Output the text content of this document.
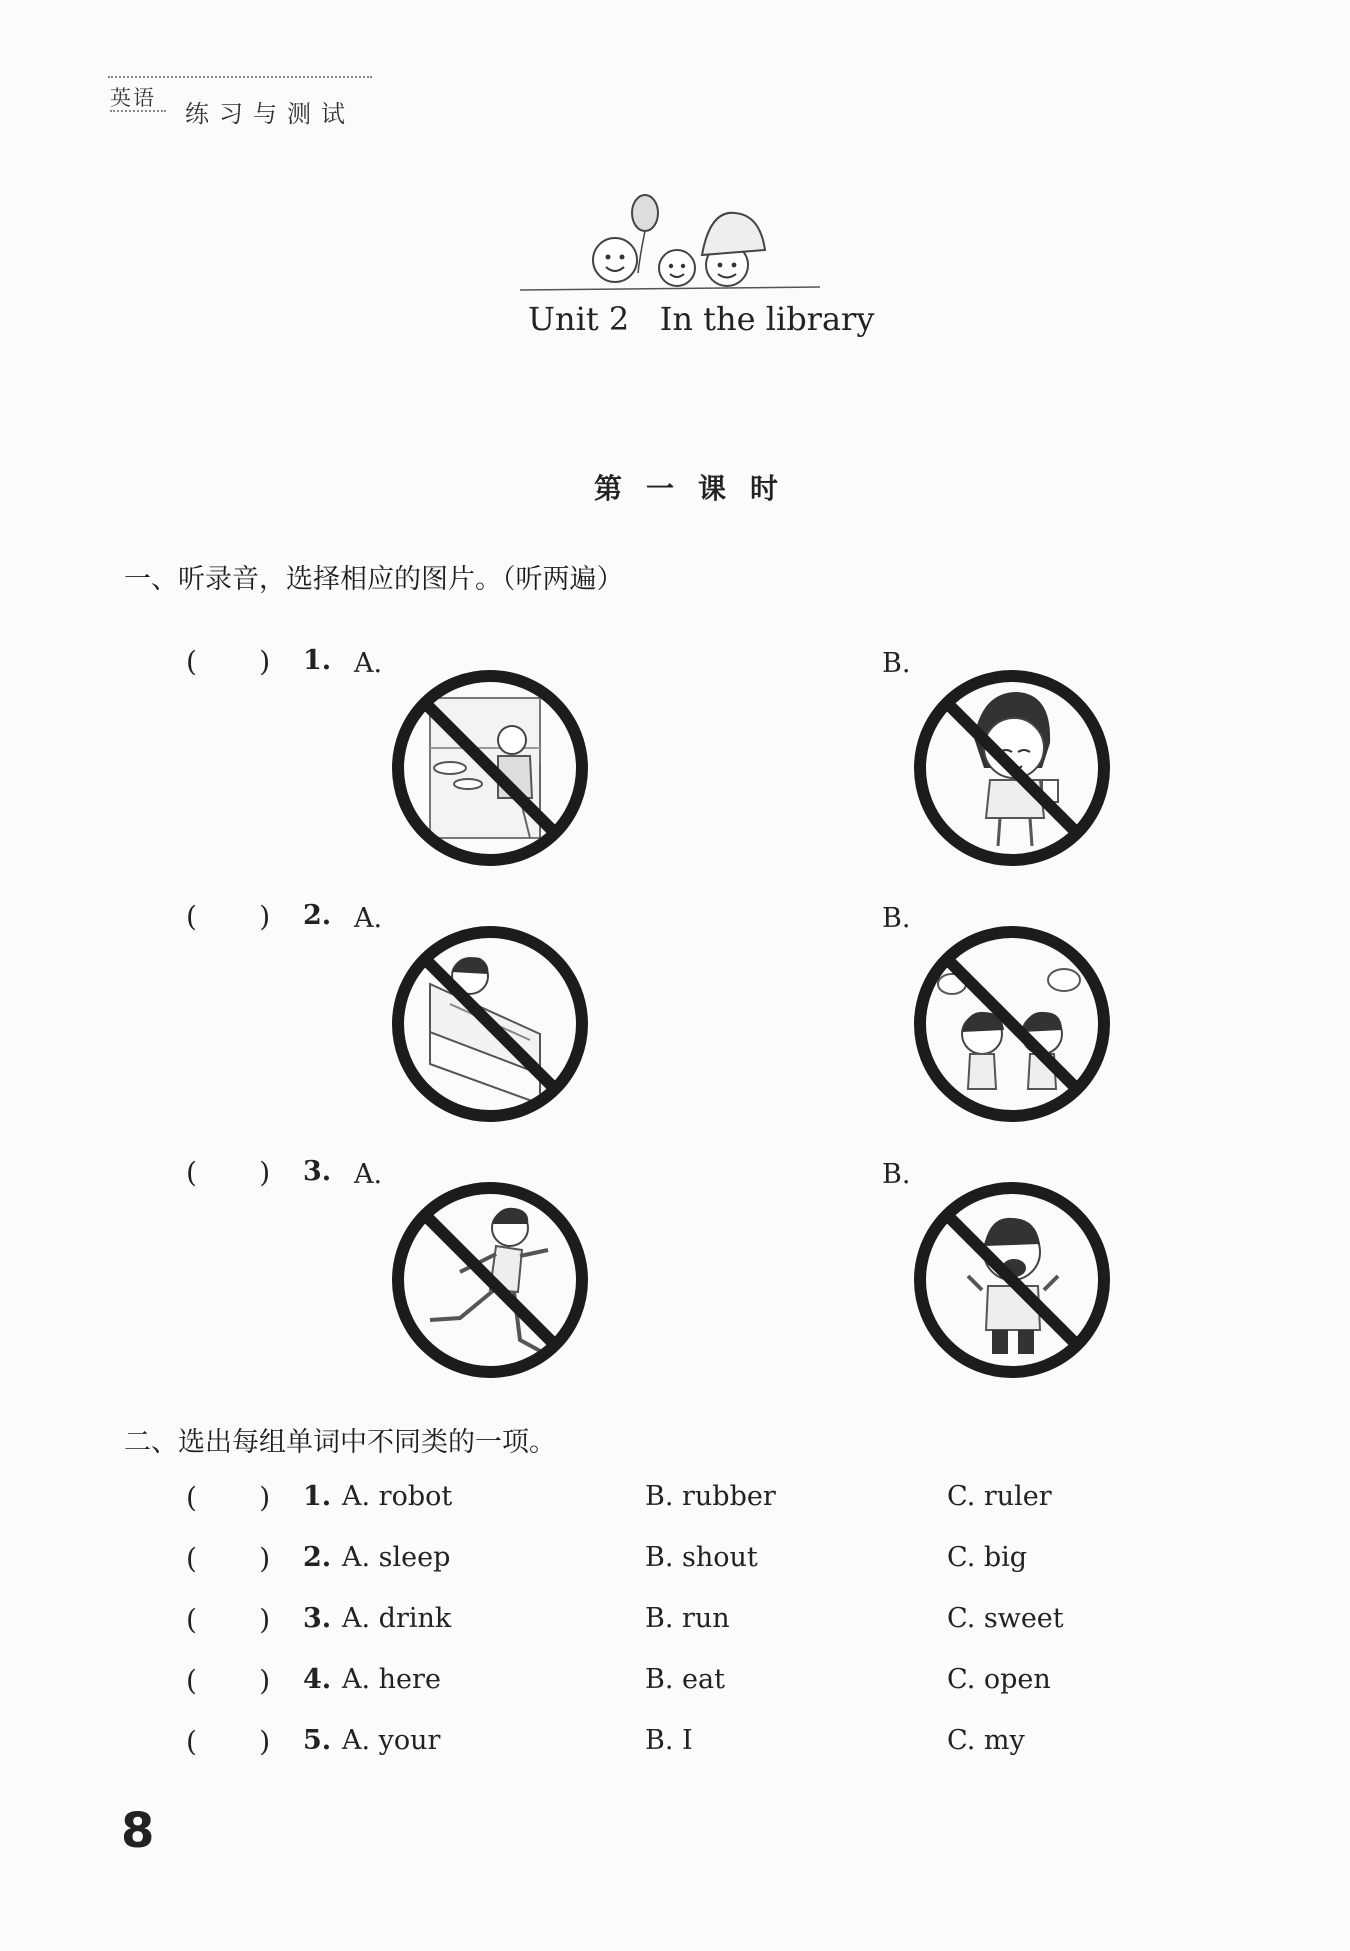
英语
练习与测试
Unit 2   In the library
第一课时
一、听录音，选择相应的图片。（听两遍）
(       ) 1. A.	B.
(       ) 2. A.	B.
(       ) 3. A.	B.
二、选出每组单词中不同类的一项。
(       ) 1. A. robot	B. rubber	C. ruler
(       ) 2. A. sleep	B. shout	C. big
(       ) 3. A. drink	B. run	C. sweet
(       ) 4. A. here	B. eat	C. open
(       ) 5. A. your	B. I	C. my
8
